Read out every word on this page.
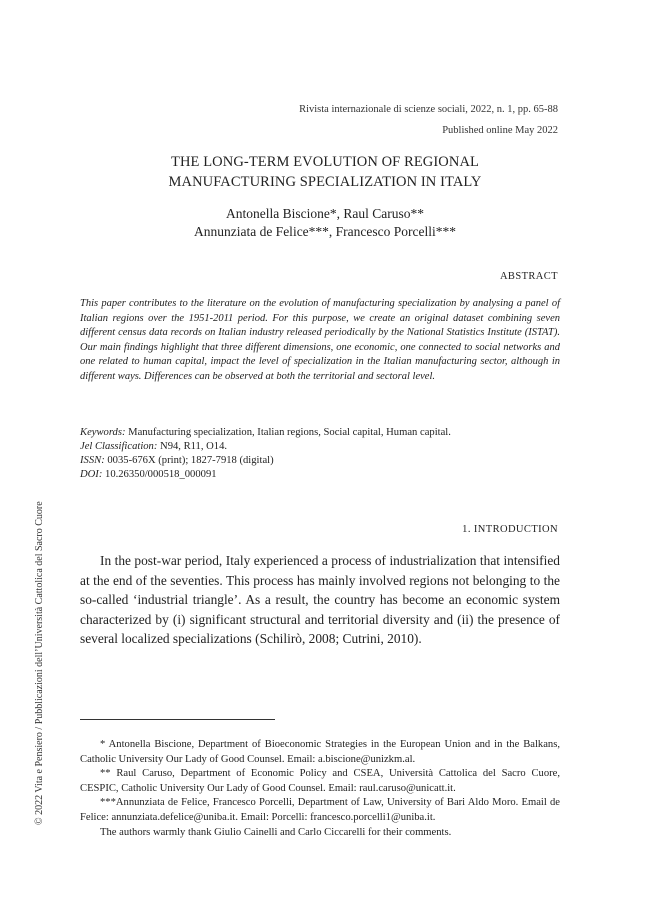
Rivista internazionale di scienze sociali, 2022, n. 1, pp. 65-88
Published online May 2022
THE LONG-TERM EVOLUTION OF REGIONAL
MANUFACTURING SPECIALIZATION IN ITALY
Antonella Biscione*, Raul Caruso**
Annunziata de Felice***, Francesco Porcelli***
ABSTRACT
This paper contributes to the literature on the evolution of manufacturing specialization by analysing a panel of Italian regions over the 1951-2011 period. For this purpose, we create an original dataset combining seven different census data records on Italian industry released periodically by the National Statistics Institute (ISTAT). Our main findings highlight that three different dimensions, one economic, one connected to social networks and one related to human capital, impact the level of specialization in the Italian manufacturing sector, although in different ways. Differences can be observed at both the territorial and sectoral level.
Keywords: Manufacturing specialization, Italian regions, Social capital, Human capital.
Jel Classification: N94, R11, O14.
ISSN: 0035-676X (print); 1827-7918 (digital)
DOI: 10.26350/000518_000091
1. INTRODUCTION
In the post-war period, Italy experienced a process of industrialization that intensified at the end of the seventies. This process has mainly involved regions not belonging to the so-called ‘industrial triangle’. As a result, the country has become an economic system characterized by (i) significant structural and territorial diversity and (ii) the presence of several localized specializations (Schilirò, 2008; Cutrini, 2010).

* Antonella Biscione, Department of Bioeconomic Strategies in the European Union and in the Balkans, Catholic University Our Lady of Good Counsel. Email: a.biscione@unizkm.al.

** Raul Caruso, Department of Economic Policy and CSEA, Università Cattolica del Sacro Cuore, CESPIC, Catholic University Our Lady of Good Counsel. Email: raul.caruso@unicatt.it.

***Annunziata de Felice, Francesco Porcelli, Department of Law, University of Bari Aldo Moro. Email de Felice: annunziata.defelice@uniba.it. Email: Porcelli: francesco.porcelli1@uniba.it.

The authors warmly thank Giulio Cainelli and Carlo Ciccarelli for their comments.

© 2022 Vita e Pensiero / Pubblicazioni dell’Università Cattolica del Sacro Cuore
